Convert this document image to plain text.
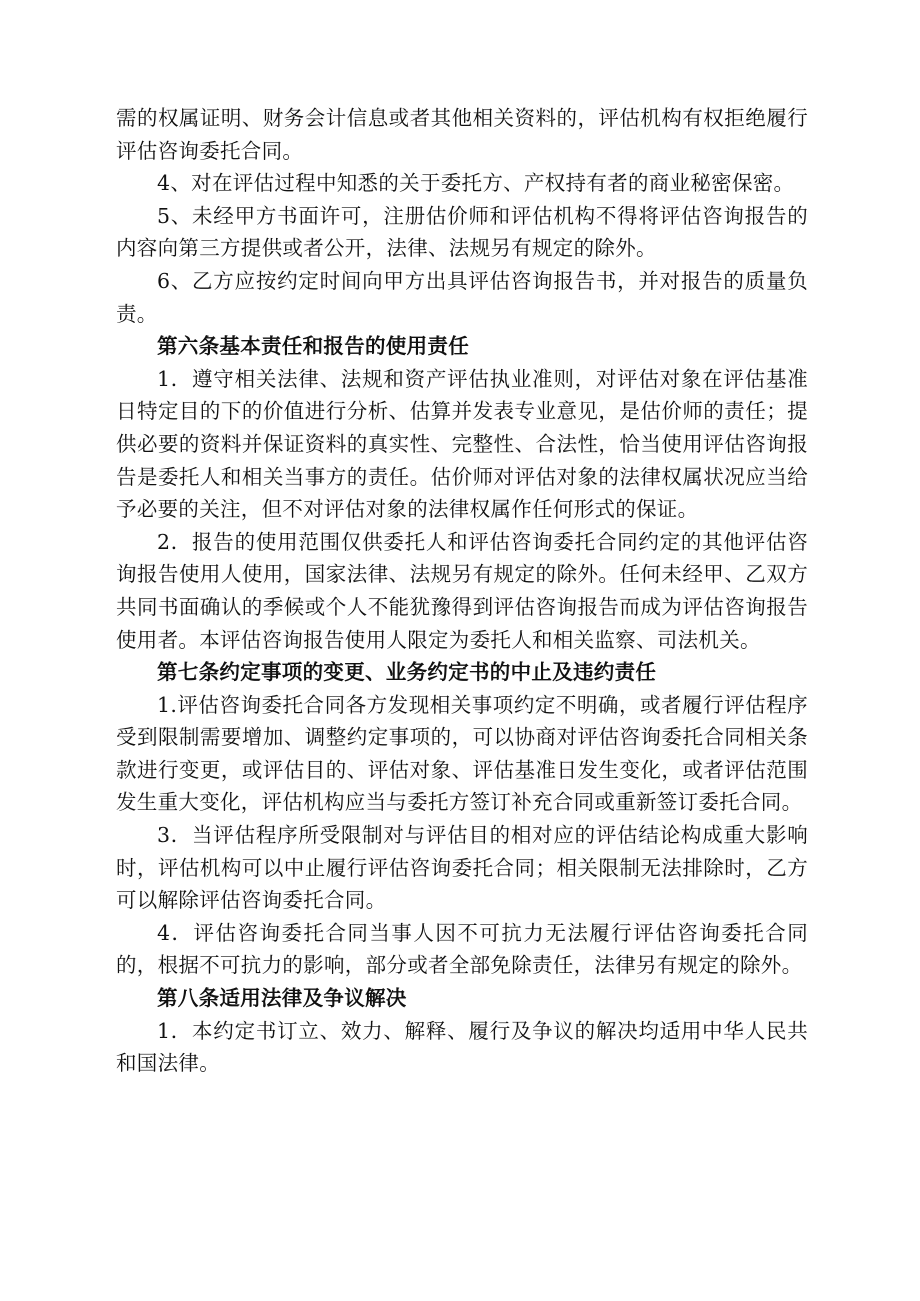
需的权属证明、财务会计信息或者其他相关资料的，评估机构有权拒绝履行评估咨询委托合同。

4、对在评估过程中知悉的关于委托方、产权持有者的商业秘密保密。

5、未经甲方书面许可，注册估价师和评估机构不得将评估咨询报告的内容向第三方提供或者公开，法律、法规另有规定的除外。

6、乙方应按约定时间向甲方出具评估咨询报告书，并对报告的质量负责。

第六条基本责任和报告的使用责任

1．遵守相关法律、法规和资产评估执业准则，对评估对象在评估基准日特定目的下的价值进行分析、估算并发表专业意见，是估价师的责任；提供必要的资料并保证资料的真实性、完整性、合法性，恰当使用评估咨询报告是委托人和相关当事方的责任。估价师对评估对象的法律权属状况应当给予必要的关注，但不对评估对象的法律权属作任何形式的保证。

2．报告的使用范围仅供委托人和评估咨询委托合同约定的其他评估咨询报告使用人使用，国家法律、法规另有规定的除外。任何未经甲、乙双方共同书面确认的季候或个人不能犹豫得到评估咨询报告而成为评估咨询报告使用者。本评估咨询报告使用人限定为委托人和相关监察、司法机关。

第七条约定事项的变更、业务约定书的中止及违约责任

1.评估咨询委托合同各方发现相关事项约定不明确，或者履行评估程序受到限制需要增加、调整约定事项的，可以协商对评估咨询委托合同相关条款进行变更，或评估目的、评估对象、评估基准日发生变化，或者评估范围发生重大变化，评估机构应当与委托方签订补充合同或重新签订委托合同。

3．当评估程序所受限制对与评估目的相对应的评估结论构成重大影响时，评估机构可以中止履行评估咨询委托合同；相关限制无法排除时，乙方可以解除评估咨询委托合同。

4．评估咨询委托合同当事人因不可抗力无法履行评估咨询委托合同的，根据不可抗力的影响，部分或者全部免除责任，法律另有规定的除外。

第八条适用法律及争议解决

1．本约定书订立、效力、解释、履行及争议的解决均适用中华人民共和国法律。
